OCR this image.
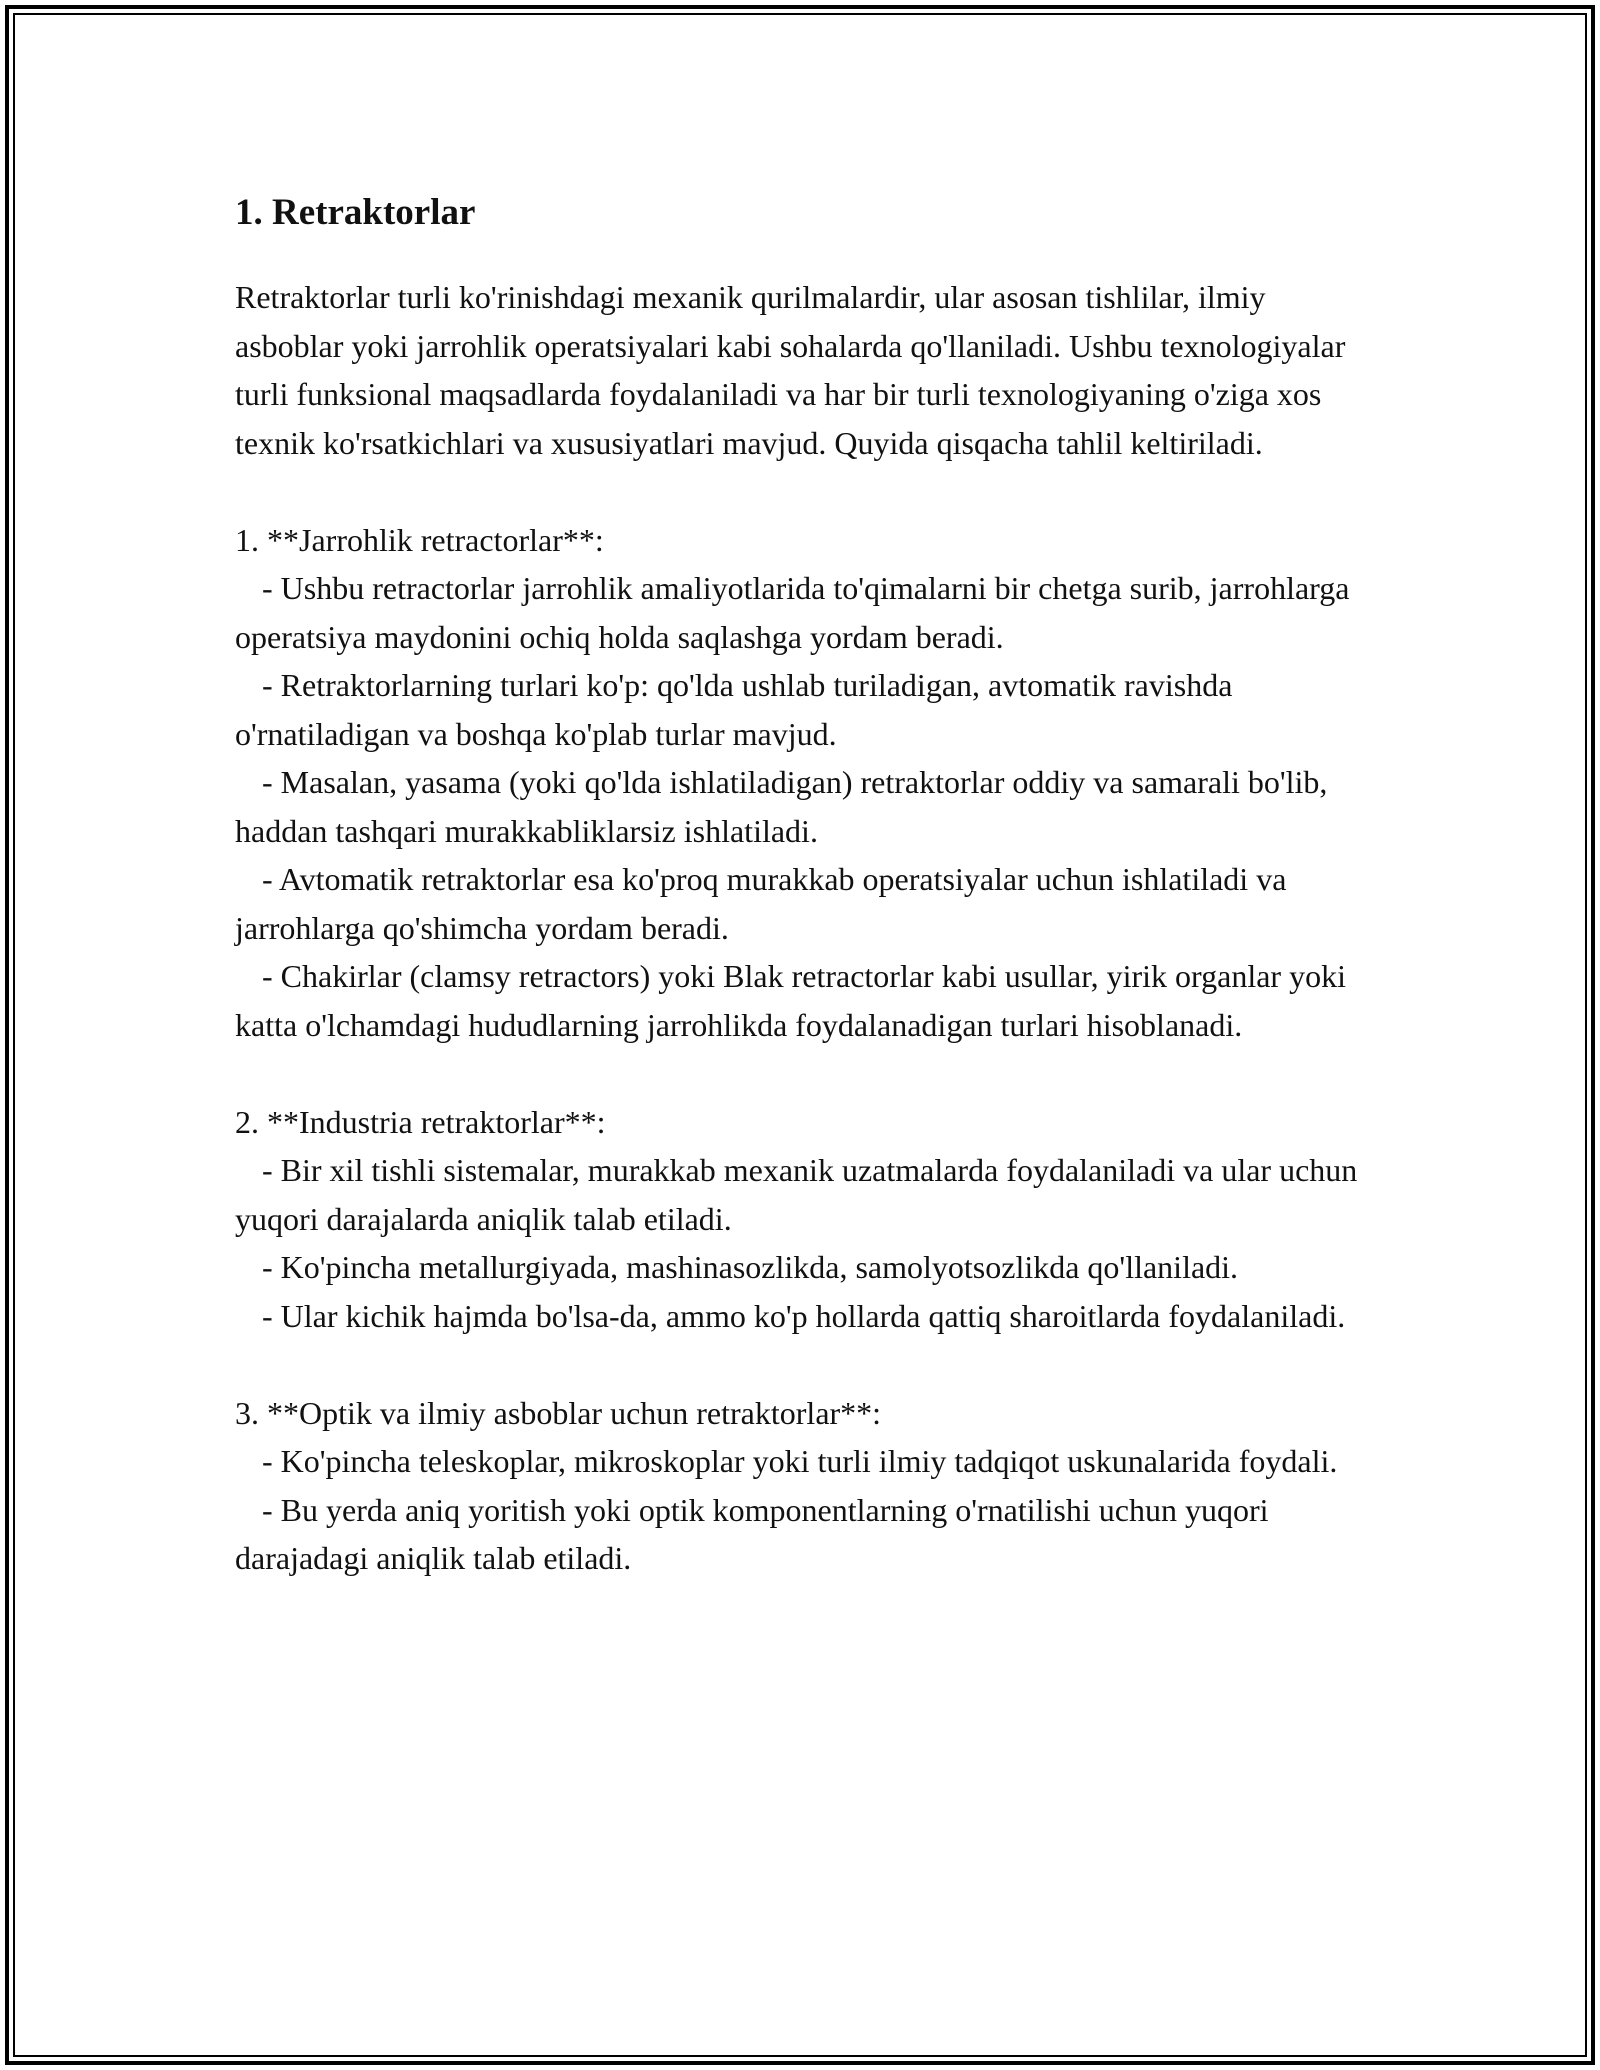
1. Retraktorlar

Retraktorlar turli ko'rinishdagi mexanik qurilmalardir, ular asosan tishlilar, ilmiy asboblar yoki jarrohlik operatsiyalari kabi sohalarda qo'llaniladi. Ushbu texnologiyalar turli funksional maqsadlarda foydalaniladi va har bir turli texnologiyaning o'ziga xos texnik ko'rsatkichlari va xususiyatlari mavjud. Quyida qisqacha tahlil keltiriladi.

1. **Jarrohlik retractorlar**:
- Ushbu retractorlar jarrohlik amaliyotlarida to'qimalarni bir chetga surib, jarrohlarga operatsiya maydonini ochiq holda saqlashga yordam beradi.
- Retraktorlarning turlari ko'p: qo'lda ushlab turiladigan, avtomatik ravishda o'rnatiladigan va boshqa ko'plab turlar mavjud.
- Masalan, yasama (yoki qo'lda ishlatiladigan) retraktorlar oddiy va samarali bo'lib, haddan tashqari murakkabliklarsiz ishlatiladi.
- Avtomatik retraktorlar esa ko'proq murakkab operatsiyalar uchun ishlatiladi va jarrohlarga qo'shimcha yordam beradi.
- Chakirlar (clamsy retractors) yoki Blak retractorlar kabi usullar, yirik organlar yoki katta o'lchamdagi hududlarning jarrohlikda foydalanadigan turlari hisoblanadi.
2. **Industria retraktorlar**:
- Bir xil tishli sistemalar, murakkab mexanik uzatmalarda foydalaniladi va ular uchun yuqori darajalarda aniqlik talab etiladi.
- Ko'pincha metallurgiyada, mashinasozlikda, samolyotsozlikda qo'llaniladi.
- Ular kichik hajmda bo'lsa-da, ammo ko'p hollarda qattiq sharoitlarda foydalaniladi.
3. **Optik va ilmiy asboblar uchun retraktorlar**:
- Ko'pincha teleskoplar, mikroskoplar yoki turli ilmiy tadqiqot uskunalarida foydali.
- Bu yerda aniq yoritish yoki optik komponentlarning o'rnatilishi uchun yuqori darajadagi aniqlik talab etiladi.
